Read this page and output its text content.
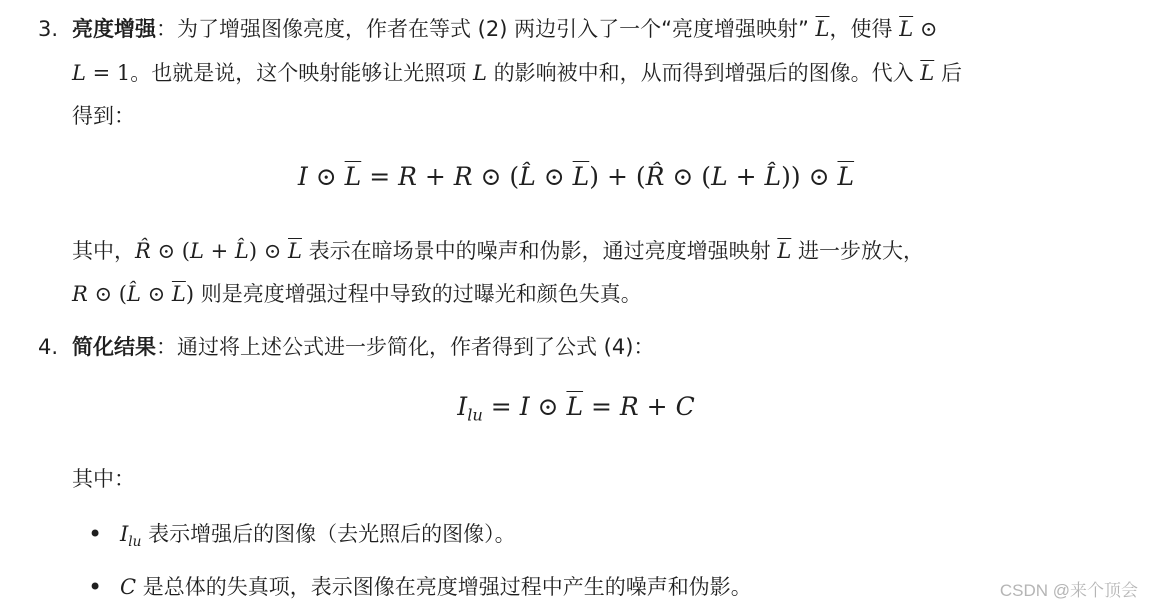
3. 亮度增强：为了增强图像亮度，作者在等式 (2) 两边引入了一个“亮度增强映射” $\overline{L}$，使得 $\overline{L}$ ⊙
L = 1。也就是说，这个映射能够让光照项 L 的影响被中和，从而得到增强后的图像。代入 $\overline{L}$ 后
得到：
I ⊙ $\overline{L} = R + R$ ⊙ (L̂ ⊙ $\overline{L}$) + (R̂ ⊙ (L + L̂)) ⊙ $\overline{L}$
其中，R̂ ⊙ (L + L̂) ⊙ $\overline{L}$ 表示在暗场景中的噪声和伪影，通过亮度增强映射 $\overline{L}$ 进一步放大，
R ⊙ (L̂ ⊙ $\overline{L}$) 则是亮度增强过程中导致的过曝光和颜色失真。
4. 简化结果：通过将上述公式进一步简化，作者得到了公式 (4)：
$I_{lu} = I$ ⊙ $\overline{L} = R + C$
其中：
• $I_{lu}$ 表示增强后的图像（去光照后的图像）。
• C 是总体的失真项，表示图像在亮度增强过程中产生的噪声和伪影。	CSDN @来个顶会
